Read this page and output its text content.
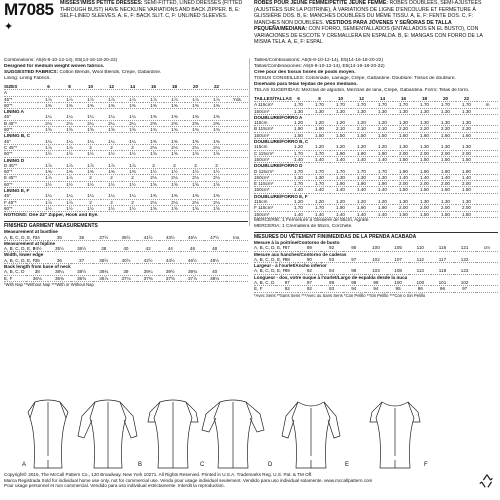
M7085
✦
MISSES'/MISS PETITE DRESSES: SEMI-FITTED, LINED DRESSES (FITTED THROUGH BUST) HAVE NECKLINE VARIATIONS AND BACK ZIPPER. B, E: SELF-LINED SLEEVES. A, E, F: BACK SLIT. C, F: UNLINED SLEEVES.
Combinations: A5(6-8-10-12-14), E5(14-16-18-20-22)
Designed for medium weight woven fabrics.
SUGGESTED FABRICS: Cotton Blends, Wool Blends, Crepe, Gabardine.
Lining: Lining Fabrics.
SIZES	6	8	10	12	14	16	18	20	22	
A										
45"*	1⅞	1⅞	1⅞	1⅞	1⅞	1⅞	1⅞	1⅞	1⅞	Yds.
60"*	1⅜	1⅜	1⅜	1⅜	1⅜	1⅜	1⅜	1⅜	1⅜	
LINING A										
45"	1¼	1¼	1¼	1¼	1¼	1⅜	1⅜	1⅜	1⅜	
B 45"*	2⅛	2⅛	2¼	2¼	2¼	2⅜	2⅜	2⅜	2⅜	
60"*	1⅝	1⅝	1⅝	1⅝	1⅝	1¾	1¾	1¾	1¾	
LINING B, C										
45"	1¼	1¼	1¼	1¼	1¼	1⅜	1⅜	1⅜	1⅜	
C 45"*	1⅞	1⅞	2	2	2	2⅛	2⅛	2⅛	2⅛	
60"*	1½	1½	1½	1½	1½	1⅝	1⅝	1⅝	1⅝	
LINING D										
D 45"*	1⅞	1⅞	1⅞	1⅞	1⅞	2	2	2	2	
60"*	1⅜	1⅜	1⅜	1⅜	1⅜	1½	1½	1½	1½	
E 45"*	1⅞	1⅞	2	2	2	2⅛	2⅛	2⅛	2⅛	
60"*	1½	1½	1½	1½	1½	1⅝	1⅝	1⅝	1⅝	
LINING E, F										
45"	1¼	1¼	1¼	1¼	1¼	1⅜	1⅜	1⅜	1⅜	
F 45"*	1⅞	1⅞	2	2	2	2⅛	2⅛	2⅛	2⅛	
60"*	1½	1½	1½	1½	1½	1⅝	1⅝	1⅝	1⅝	
NOTIONS: One 22" Zipper, Hook and Eye.
FINISHED GARMENT MEASUREMENTS
Measurement at bustline										
A, B, C, D, E, F	34	35	36	37½	39½	41½	43½	45½	47½	Ins.
Measurement at hipline										
A, B, C, D, E, F	34½	35½	36½	38	40	42	44	46	48	
Width, lower edge										
A, B, C, D, E, F	35	36	37	38½	40½	42½	44½	46½	48½	
Back length from base of neck										
A, B, C, D	38	38¼	38½	38¾	39	39¼	39½	39¾	40	
E, F	36⅛	36⅜	36⅝	36⅞	37⅛	37⅜	37⅝	37⅞	38⅛	
*With Nap **Without Nap ***With or Without Nap
ROBES POUR JEUNE FEMME/PETITE JEUNE FEMME: ROBES DOUBLÉES, SEMI-AJUSTÉES (AJUSTÉES SUR LA POITRINE), À VARIATIONS DE LIGNE D'ENCOLURE ET FERMETURE À GLISSIÈRE DOS. B, E: MANCHES DOUBLÉES DU MÊME TISSU. A, E, F: FENTE DOS. C, F: MANCHES NON DOUBLÉES. VESTIDOS PARA JÓVENES Y SEÑORAS DE TALLA PEQUEÑA/MEDIANA: CON FORRO, SEMIENTALLADOS (ENTALLADOS EN EL BUSTO), CON VARIACIONES DE ESCOTE Y CREMALLERA EN ESPALDA. B, E: MANGAS CON FORRO DE LA MISMA TELA. A, E, F: ESPAL
Tailles/Combinaisons: A5(6-8-10-12-14), E5(14-16-18-20-22)
Tallas/Combinaciones: A5(6-8-10-12-14), E5(14-16-18-20-22)
Créé pour des tissus tissés de poids moyen.
TISSUS CONSEILLÉS: Cotonnade, Lainage, Crêpe, Gabardine. Doublure: Tissus de doublure.
Diseñado para telas tejidas de peso mediano.
TELAS SUGERIDAS: Mezclas de algodón, Mezclas de lana, Crepé, Gabardina. Forro: Telas de forro.
TAILLES/TALLAS	6	8	10	12	14	16	18	20	22	
A 115cm*	1.70	1.70	1.70	1.70	1.70	1.70	1.70	1.70	1.70	m
150cm*	1.30	1.30	1.30	1.30	1.30	1.30	1.30	1.30	1.30	
DOUBLURE/FORRO A										
115cm	1.20	1.20	1.20	1.20	1.20	1.30	1.30	1.30	1.30	
B 115cm*	1.90	1.90	2.10	2.10	2.10	2.20	2.20	2.20	2.20	
150cm*	1.50	1.50	1.50	1.50	1.50	1.60	1.60	1.60	1.60	
DOUBLURE/FORRO B, C										
115cm	1.20	1.20	1.20	1.20	1.20	1.30	1.30	1.30	1.30	
C 115cm*	1.70	1.70	1.90	1.90	1.90	2.00	2.00	2.00	2.00	
150cm*	1.40	1.40	1.40	1.40	1.40	1.50	1.50	1.50	1.50	
DOUBLURE/FORRO D										
D 115cm*	1.70	1.70	1.70	1.70	1.70	1.90	1.90	1.90	1.90	
150cm*	1.30	1.30	1.30	1.30	1.30	1.40	1.40	1.40	1.40	
E 115cm*	1.70	1.70	1.90	1.90	1.90	2.00	2.00	2.00	2.00	
150cm*	1.40	1.40	1.40	1.40	1.40	1.50	1.50	1.50	1.50	
DOUBLURE/FORRO E, F										
115cm	1.20	1.20	1.20	1.20	1.20	1.30	1.30	1.30	1.30	
F 115cm*	1.70	1.70	1.90	1.90	1.90	2.00	2.00	2.00	2.00	
150cm*	1.40	1.40	1.40	1.40	1.40	1.50	1.50	1.50	1.50	
MERCERIE: 1 Fermeture à Glissière de 55cm, Agrafe.
MERCERIA: 1 Cremallera de 55cm, Corchete.
MESURES DU VÊTEMENT FINI/MEDIDAS DE LA PRENDA ACABADA
Mesure à la poitrine/Contorno de busto										
A, B, C, D, E, F	87	89	92	95	100	105	110	116	121	cm
Mesure aux hanches/Contorno de caderas										
A, B, C, D, E, F	88	90	93	97	102	107	112	117	122	
Largeur - à l'ourlet/Ancho inferior										
A, B, C, D, E, F	89	92	94	98	103	108	113	118	123	
Longueur - dos, votre nuque à l'ourlet/Largo de espalda desde la nuca										
A, B, C, D	97	97	98	98	99	100	100	101	102	
E, F	92	92	93	94	94	95	96	96	97	
*Avec Sens **Sans Sens ***Avec ou Sans Sens *Con Pelillo **Sin Pelillo ***Con o Sin Pelillo
A	B	C	D	E	F
Copyright© 2015, The McCall Pattern Co., 120 Broadway, New York 10271. All Rights Reserved. Printed in U.S.A. Trademarks Reg. U.S. Pat. & TM Off.
Marca Registrada Sold for individual home use only, not for commercial use. Vendu pour usage individuel seulement. Vendido para uso individual solamente. www.mccallpattern.com
Pour usage personnel et non commercial. Vendido para uso individual estrictamente. Interdit la reproduction.
